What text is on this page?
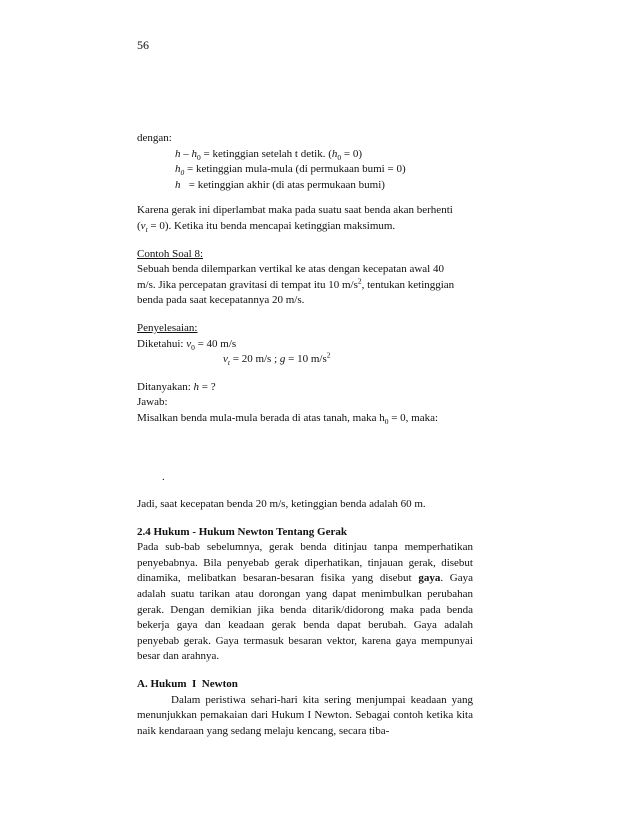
56

dengan:

h – $h_0$ = ketinggian setelah t detik. $(h_0 = 0)$

$h_0$ = ketinggian mula-mula (di permukaan bumi = 0)

h   = ketinggian akhir (di atas permukaan bumi)

Karena gerak ini diperlambat maka pada suatu saat benda akan berhenti

$(v_t = 0)$. Ketika itu benda mencapai ketinggian maksimum.

Contoh Soal 8:

Sebuah benda dilemparkan vertikal ke atas dengan kecepatan awal 40

m/s. Jika percepatan gravitasi di tempat itu 10 $m/s^2$, tentukan ketinggian

benda pada saat kecepatannya 20 m/s.

Penyelesaian:

Diketahui: $v_0 = 40$ m/s

$v_t = 20$ m/s ; g = 10 $m/s^2$

Ditanyakan: h = ?

Jawab:

Misalkan benda mula-mula berada di atas tanah, maka $h_0 = 0$, maka:

.

Jadi, saat kecepatan benda 20 m/s, ketinggian benda adalah 60 m.

2.4 Hukum - Hukum Newton Tentang Gerak

Pada sub-bab sebelumnya, gerak benda ditinjau tanpa memperhatikan penyebabnya. Bila penyebab gerak diperhatikan, tinjauan gerak, disebut dinamika, melibatkan besaran-besaran fisika yang disebut gaya. Gaya adalah suatu tarikan atau dorongan yang dapat menimbulkan perubahan gerak. Dengan demikian jika benda ditarik/didorong maka pada benda bekerja gaya dan keadaan gerak benda dapat berubah. Gaya adalah penyebab gerak. Gaya termasuk besaran vektor, karena gaya mempunyai besar dan arahnya.

A. Hukum  I  Newton

Dalam peristiwa sehari-hari kita sering menjumpai keadaan yang menunjukkan pemakaian dari Hukum I Newton. Sebagai contoh ketika kita naik kendaraan yang sedang melaju kencang, secara tiba-
